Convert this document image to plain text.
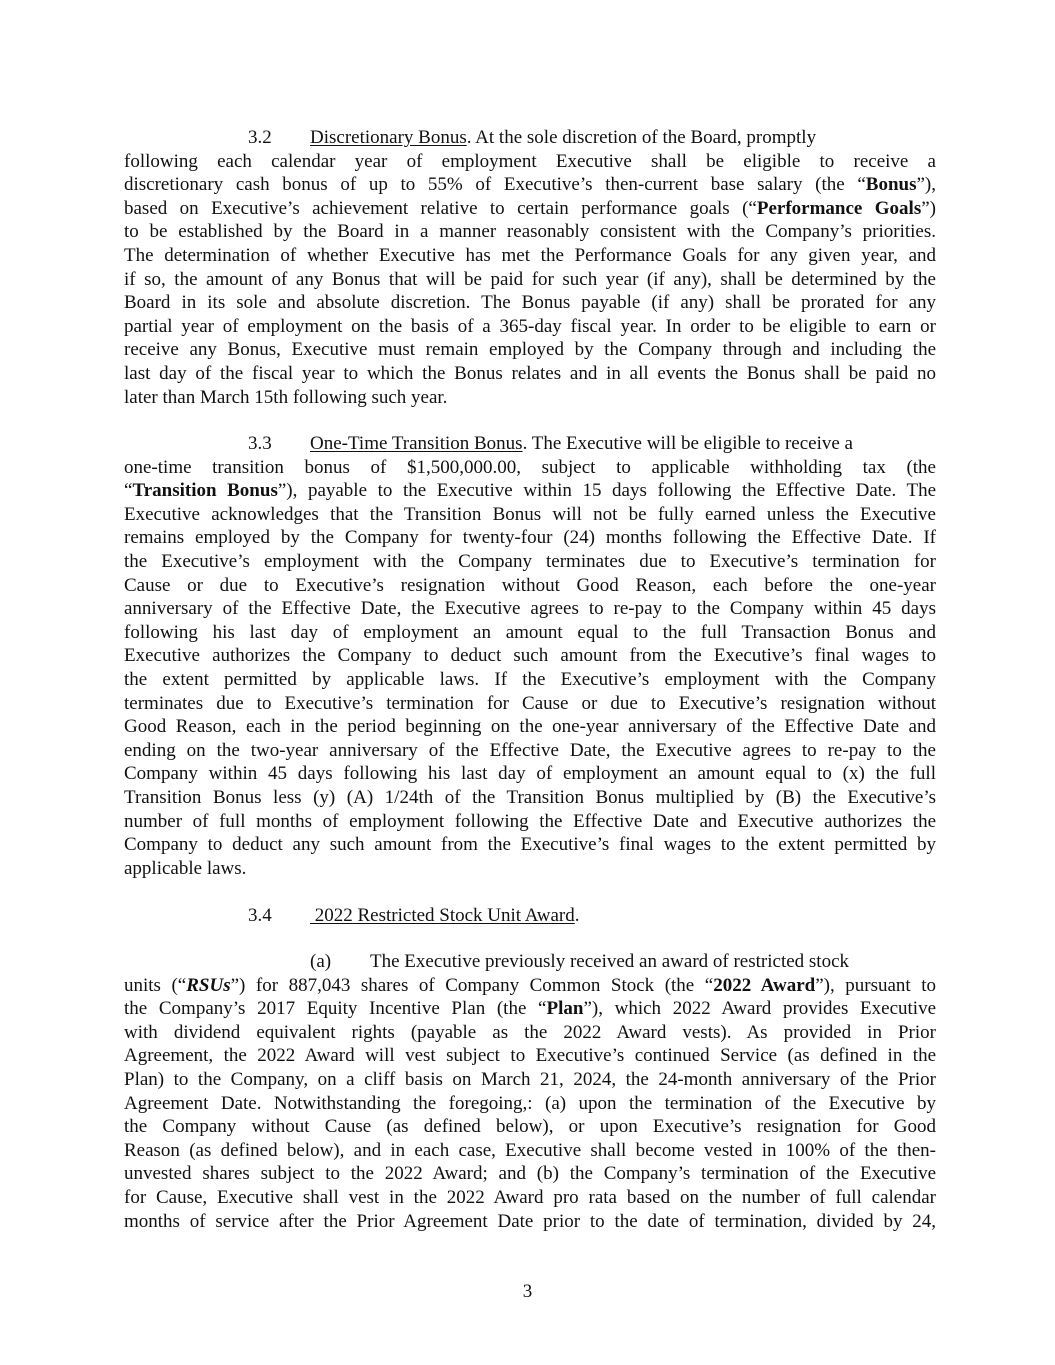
3.2 Discretionary Bonus. At the sole discretion of the Board, promptly
following each calendar year of employment Executive shall be eligible to receive a
discretionary cash bonus of up to 55% of Executive’s then-current base salary (the “Bonus”),
based on Executive’s achievement relative to certain performance goals (“Performance Goals”)
to be established by the Board in a manner reasonably consistent with the Company’s priorities.
The determination of whether Executive has met the Performance Goals for any given year, and
if so, the amount of any Bonus that will be paid for such year (if any), shall be determined by the
Board in its sole and absolute discretion. The Bonus payable (if any) shall be prorated for any
partial year of employment on the basis of a 365-day fiscal year. In order to be eligible to earn or
receive any Bonus, Executive must remain employed by the Company through and including the
last day of the fiscal year to which the Bonus relates and in all events the Bonus shall be paid no
later than March 15th following such year.
3.3 One-Time Transition Bonus. The Executive will be eligible to receive a
one-time transition bonus of $1,500,000.00, subject to applicable withholding tax (the
“Transition Bonus”), payable to the Executive within 15 days following the Effective Date. The
Executive acknowledges that the Transition Bonus will not be fully earned unless the Executive
remains employed by the Company for twenty-four (24) months following the Effective Date. If
the Executive’s employment with the Company terminates due to Executive’s termination for
Cause or due to Executive’s resignation without Good Reason, each before the one-year
anniversary of the Effective Date, the Executive agrees to re-pay to the Company within 45 days
following his last day of employment an amount equal to the full Transaction Bonus and
Executive authorizes the Company to deduct such amount from the Executive’s final wages to
the extent permitted by applicable laws. If the Executive’s employment with the Company
terminates due to Executive’s termination for Cause or due to Executive’s resignation without
Good Reason, each in the period beginning on the one-year anniversary of the Effective Date and
ending on the two-year anniversary of the Effective Date, the Executive agrees to re-pay to the
Company within 45 days following his last day of employment an amount equal to (x) the full
Transition Bonus less (y) (A) 1/24th of the Transition Bonus multiplied by (B) the Executive’s
number of full months of employment following the Effective Date and Executive authorizes the
Company to deduct any such amount from the Executive’s final wages to the extent permitted by
applicable laws.
3.4 2022 Restricted Stock Unit Award.
(a) The Executive previously received an award of restricted stock
units (“RSUs”) for 887,043 shares of Company Common Stock (the “2022 Award”), pursuant to
the Company’s 2017 Equity Incentive Plan (the “Plan”), which 2022 Award provides Executive
with dividend equivalent rights (payable as the 2022 Award vests). As provided in Prior
Agreement, the 2022 Award will vest subject to Executive’s continued Service (as defined in the
Plan) to the Company, on a cliff basis on March 21, 2024, the 24-month anniversary of the Prior
Agreement Date. Notwithstanding the foregoing,: (a) upon the termination of the Executive by
the Company without Cause (as defined below), or upon Executive’s resignation for Good
Reason (as defined below), and in each case, Executive shall become vested in 100% of the then-
unvested shares subject to the 2022 Award; and (b) the Company’s termination of the Executive
for Cause, Executive shall vest in the 2022 Award pro rata based on the number of full calendar
months of service after the Prior Agreement Date prior to the date of termination, divided by 24,
3
